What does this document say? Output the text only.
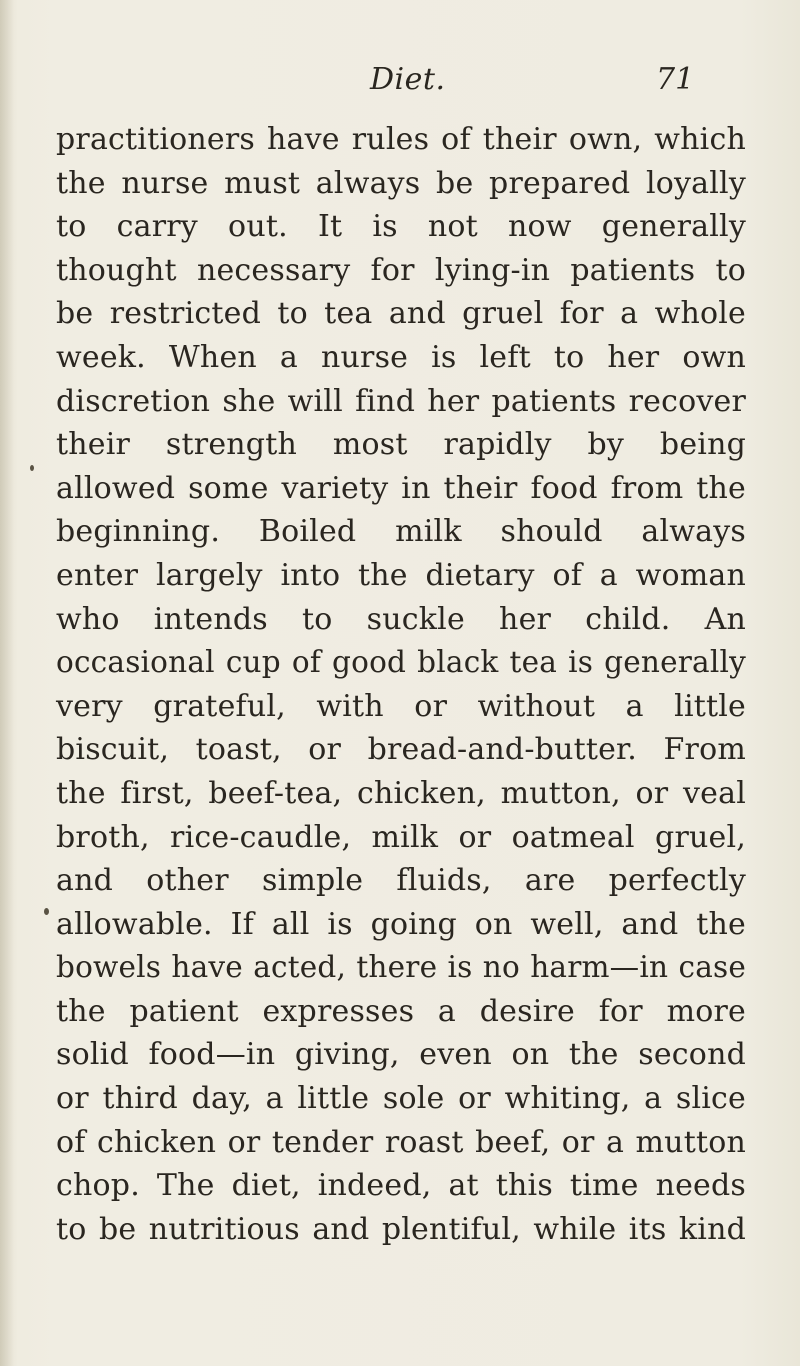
Diet.	71
practitioners have rules of their own, which
the nurse must always be prepared loyally
to carry out. It is not now generally
thought necessary for lying-in patients to
be restricted to tea and gruel for a whole
week. When a nurse is left to her own
discretion she will find her patients recover
their strength most rapidly by being
allowed some variety in their food from the
beginning. Boiled milk should always
enter largely into the dietary of a woman
who intends to suckle her child. An
occasional cup of good black tea is generally
very grateful, with or without a little
biscuit, toast, or bread-and-butter. From
the first, beef-tea, chicken, mutton, or veal
broth, rice-caudle, milk or oatmeal gruel,
and other simple fluids, are perfectly
allowable. If all is going on well, and the
bowels have acted, there is no harm—in case
the patient expresses a desire for more
solid food—in giving, even on the second
or third day, a little sole or whiting, a slice
of chicken or tender roast beef, or a mutton
chop. The diet, indeed, at this time needs
to be nutritious and plentiful, while its kind
